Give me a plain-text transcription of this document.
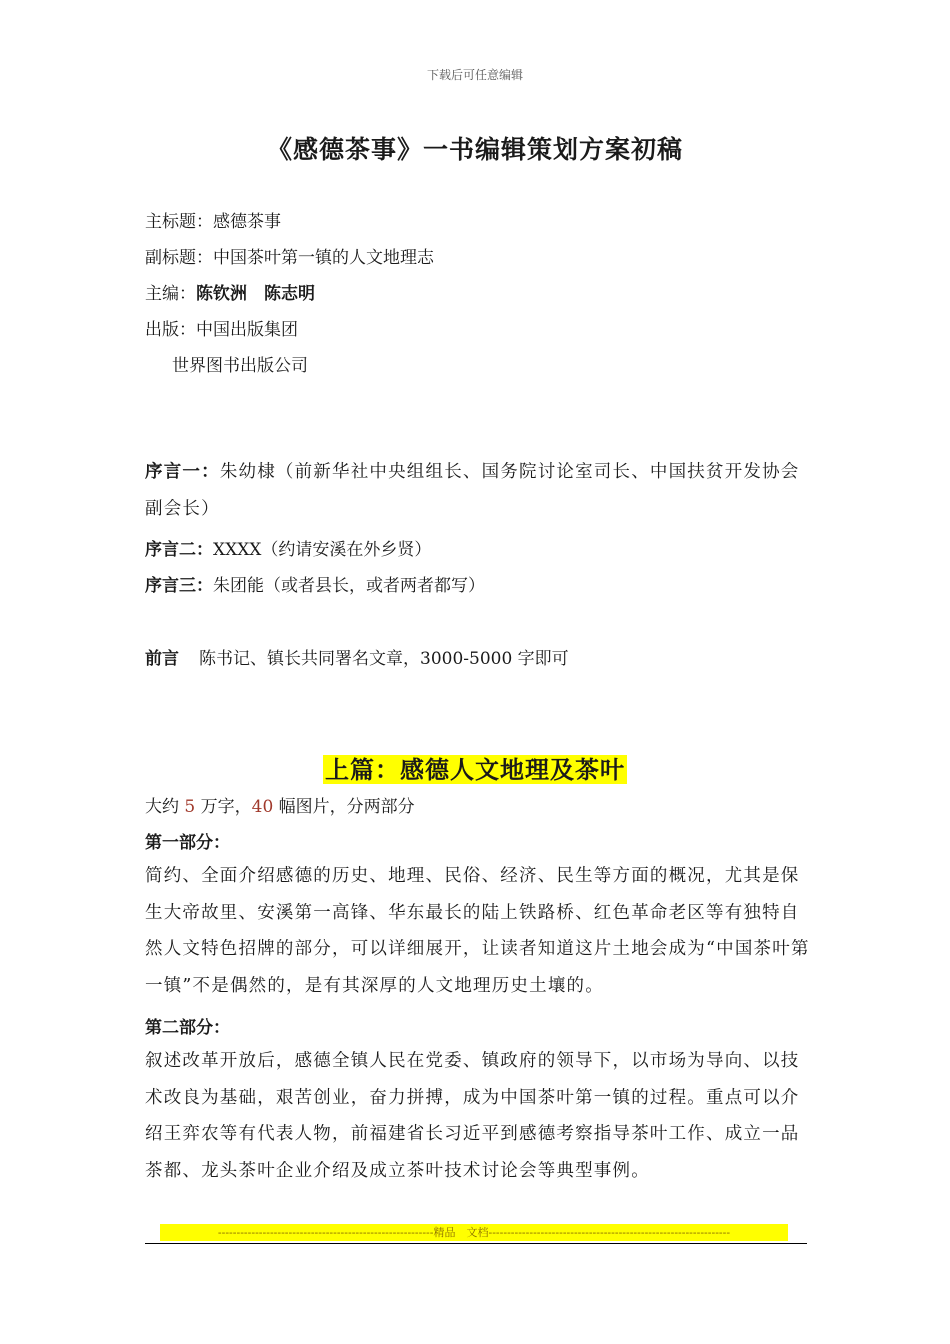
下载后可任意编辑
《感德茶事》一书编辑策划方案初稿
主标题：感德茶事
副标题：中国茶叶第一镇的人文地理志
主编：陈钦洲　陈志明
出版：中国出版集团
世界图书出版公司
序言一：朱幼棣（前新华社中央组组长、国务院讨论室司长、中国扶贫开发协会副会长）
序言二：XXXX（约请安溪在外乡贤）
序言三：朱团能（或者县长，或者两者都写）
前言 陈书记、镇长共同署名文章，3000-5000 字即可
上篇：感德人文地理及茶叶
大约 5 万字，40 幅图片，分两部分
第一部分：
简约、全面介绍感德的历史、地理、民俗、经济、民生等方面的概况，尤其是保生大帝故里、安溪第一高锋、华东最长的陆上铁路桥、红色革命老区等有独特自然人文特色招牌的部分，可以详细展开，让读者知道这片土地会成为“中国茶叶第一镇”不是偶然的，是有其深厚的人文地理历史土壤的。
第二部分：
叙述改革开放后，感德全镇人民在党委、镇政府的领导下，以市场为导向、以技术改良为基础，艰苦创业，奋力拼搏，成为中国茶叶第一镇的过程。重点可以介绍王弈农等有代表人物，前福建省长习近平到感德考察指导茶叶工作、成立一品茶都、龙头茶叶企业介绍及成立茶叶技术讨论会等典型事例。
----------------------------------------------------------精品　文档-----------------------------------------------------------------
